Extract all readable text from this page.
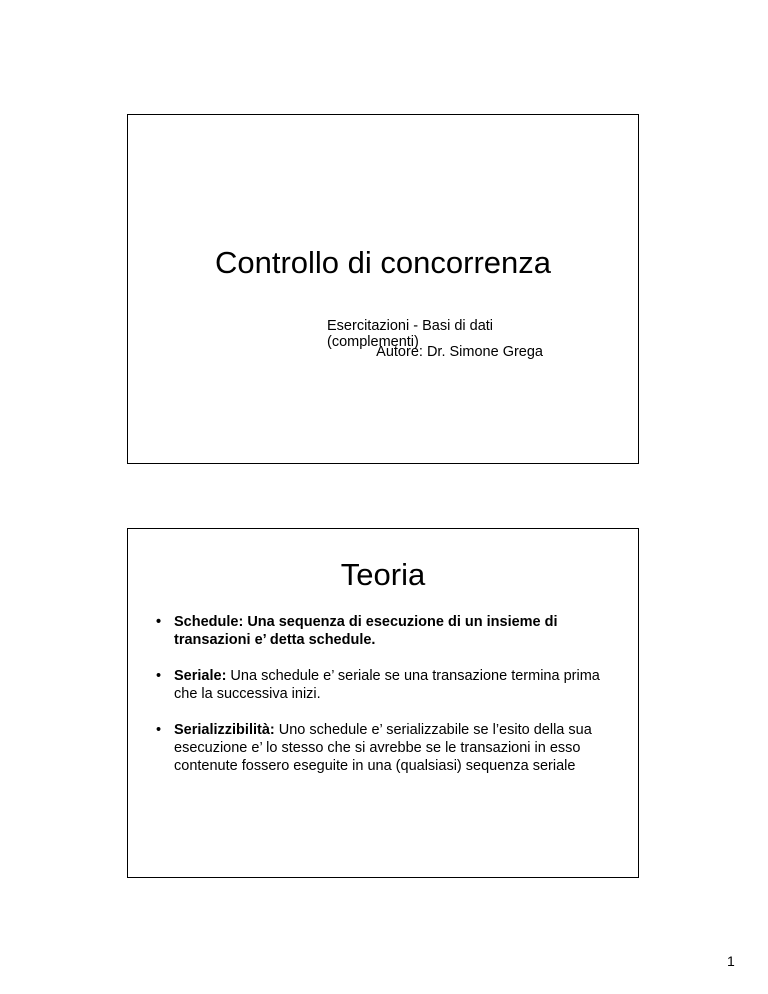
Controllo di concorrenza
Esercitazioni - Basi di dati (complementi)
Autore: Dr. Simone Grega
Teoria
• Schedule: Una sequenza di esecuzione di un insieme di transazioni e’ detta schedule.
• Seriale: Una schedule e’ seriale se una transazione termina prima che la successiva inizi.
• Serializzibilità: Uno schedule e’ serializzabile se l’esito della sua esecuzione e’ lo stesso che si avrebbe se le transazioni in esso contenute fossero eseguite in una (qualsiasi) sequenza seriale
1
